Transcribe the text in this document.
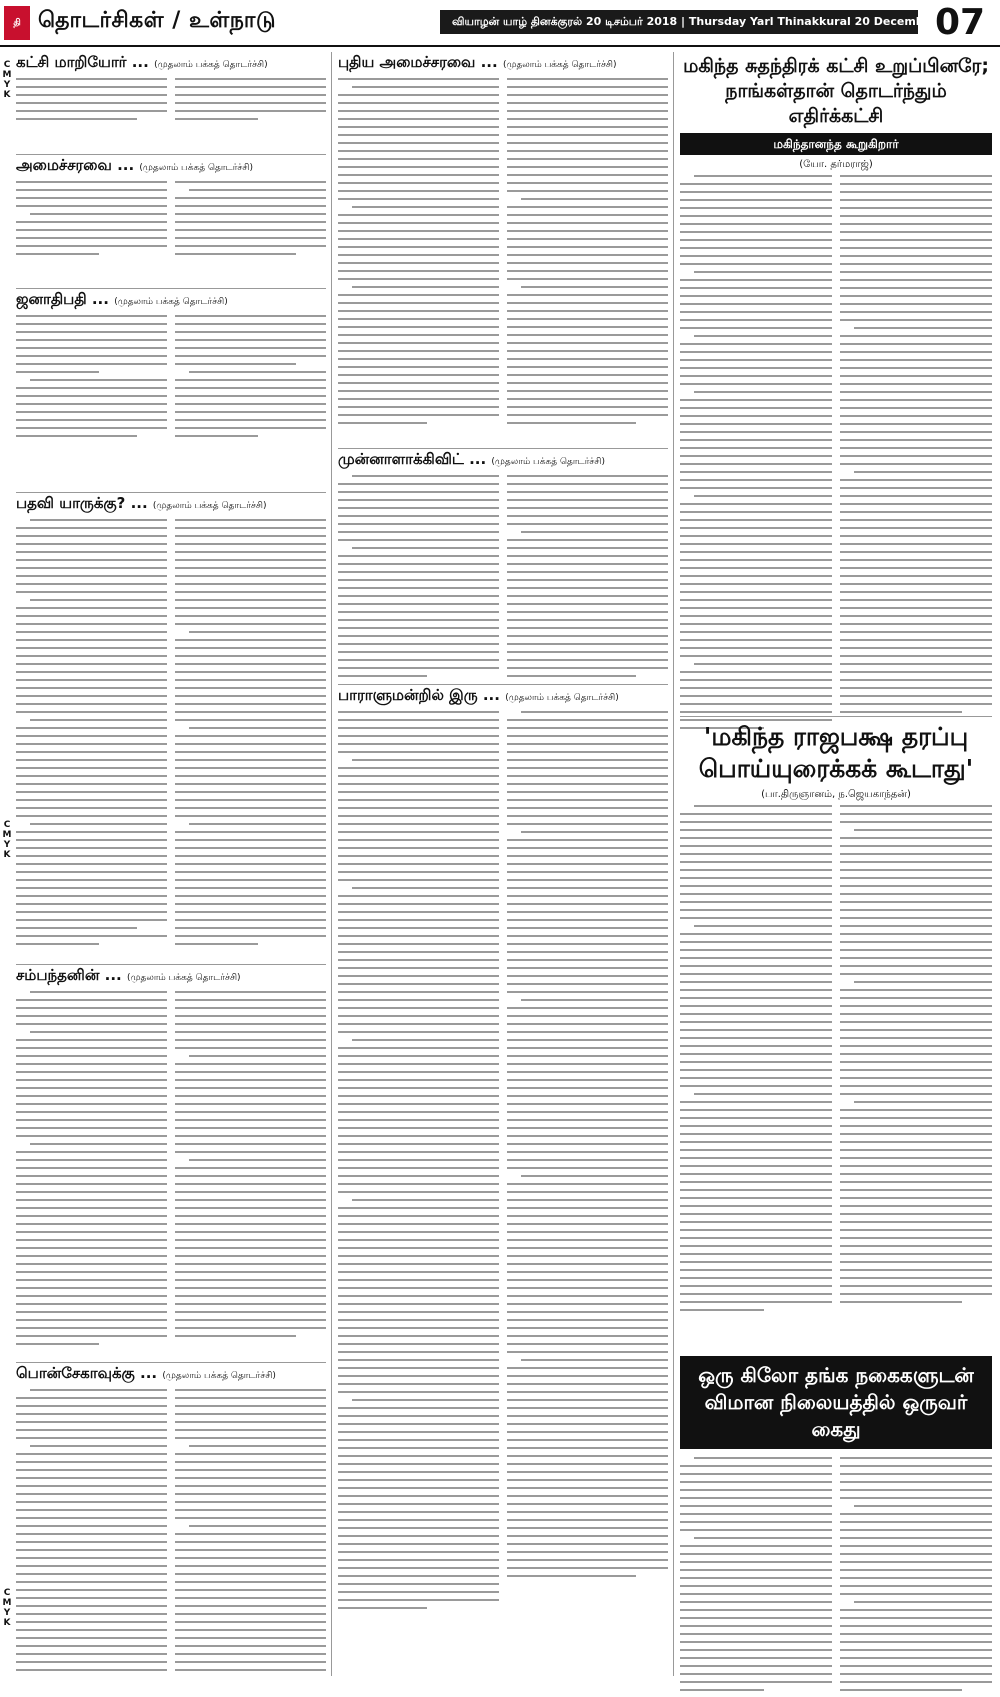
தி தொடர்சிகள் / உள்நாடு	வியாழன் யாழ் தினக்குரல் 20 டிசம்பர் 2018 | Thursday Yarl Thinakkural 20 December 2018
07
C
M
Y
K
C
M
Y
K
C
M
Y
K
கட்சி மாறியோர் ... (முதலாம் பக்கத் தொடர்ச்சி)
அமைச்சரவை ... (முதலாம் பக்கத் தொடர்ச்சி)
ஜனாதிபதி ... (முதலாம் பக்கத் தொடர்ச்சி)
பதவி யாருக்கு? ... (முதலாம் பக்கத் தொடர்ச்சி)
சம்பந்தனின் ... (முதலாம் பக்கத் தொடர்ச்சி)
பொன்சேகாவுக்கு ... (முதலாம் பக்கத் தொடர்ச்சி)
புதிய அமைச்சரவை ... (முதலாம் பக்கத் தொடர்ச்சி)
முன்னாளாக்கிவிட் ... (முதலாம் பக்கத் தொடர்ச்சி)
பாராளுமன்றில் இரு ... (முதலாம் பக்கத் தொடர்ச்சி)
மகிந்த சுதந்திரக் கட்சி உறுப்பினரே; நாங்கள்தான் தொடர்ந்தும் எதிர்க்கட்சி
மகிந்தானந்த கூறுகிறார்
(யோ. தர்மராஜ்)
'மகிந்த ராஜபக்ஷ தரப்பு பொய்யுரைக்கக் கூடாது'
(பா.திருஞானம், ந.ஜெயகாந்தன்)
ஒரு கிலோ தங்க நகைகளுடன் விமான நிலையத்தில் ஒருவர் கைது
